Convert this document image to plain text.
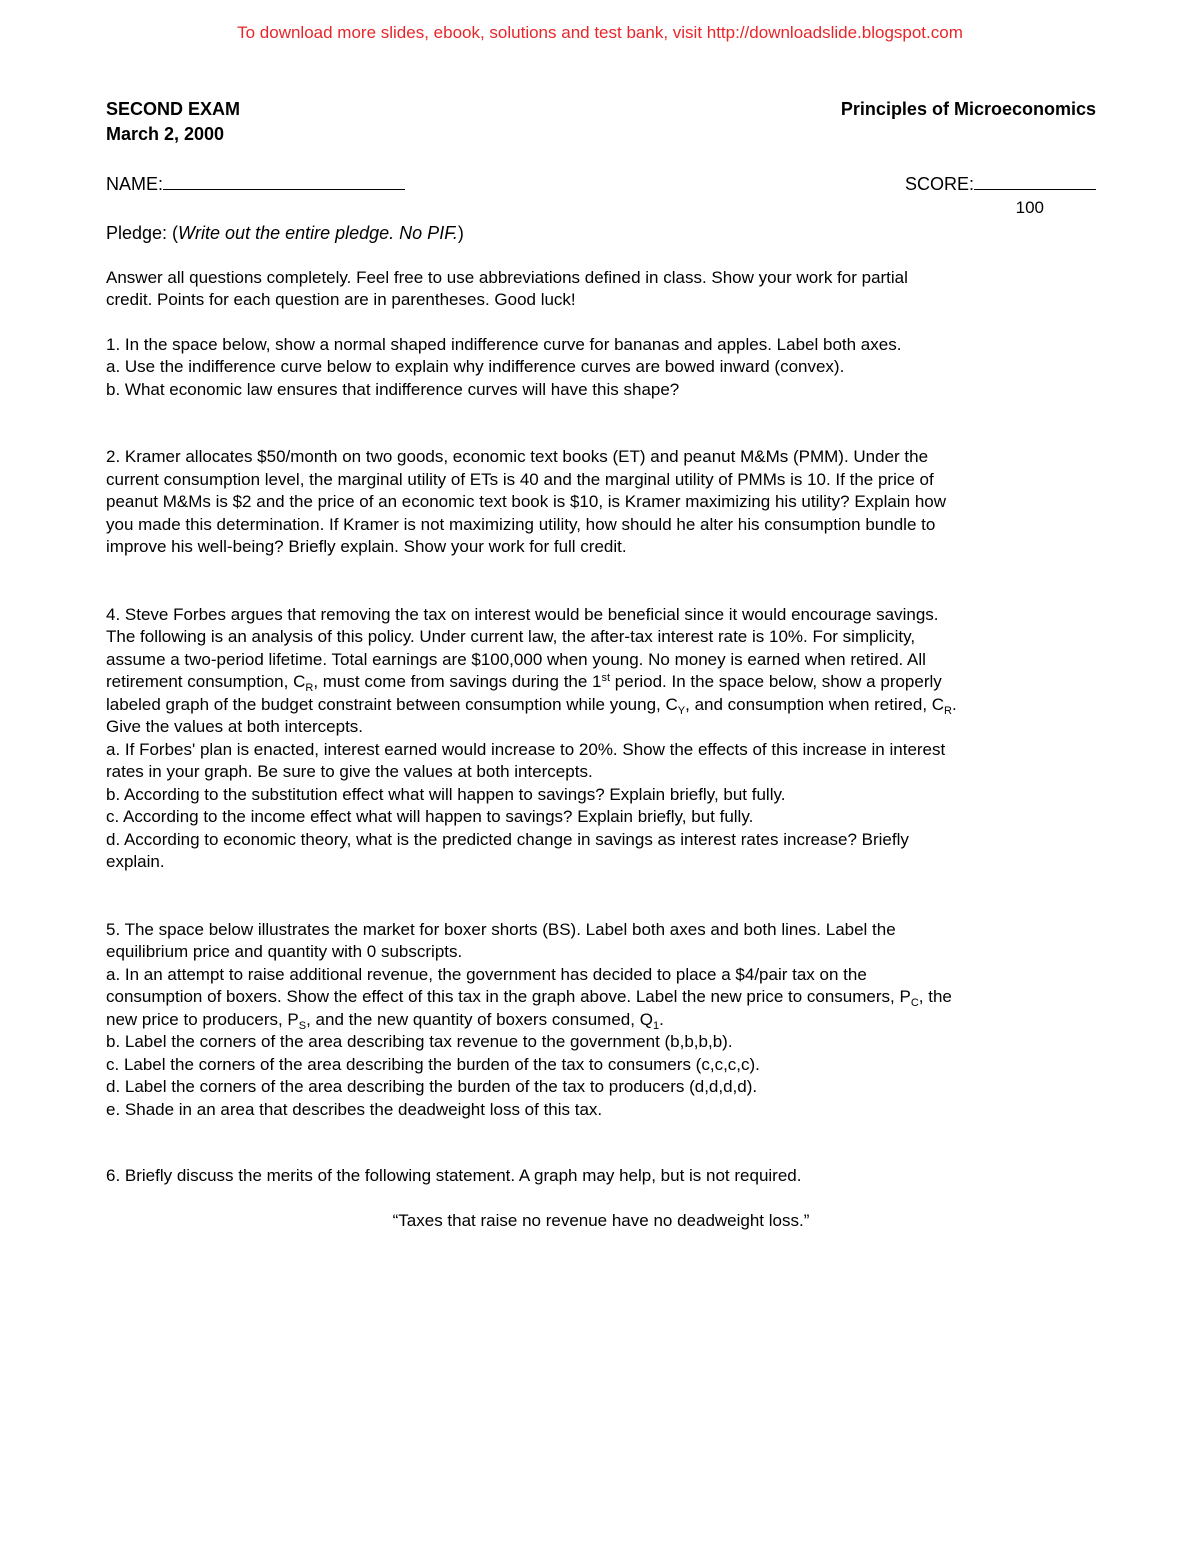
To download more slides, ebook, solutions and test bank, visit http://downloadslide.blogspot.com
SECOND EXAM	Principles of Microeconomics
March 2, 2000
NAME:	SCORE:
100
Pledge: (Write out the entire pledge. No PIF.)

Answer all questions completely. Feel free to use abbreviations defined in class. Show your work for partial

credit. Points for each question are in parentheses. Good luck!

1. In the space below, show a normal shaped indifference curve for bananas and apples. Label both axes.

a. Use the indifference curve below to explain why indifference curves are bowed inward (convex).

b. What economic law ensures that indifference curves will have this shape?

2. Kramer allocates $50/month on two goods, economic text books (ET) and peanut M&Ms (PMM). Under the

current consumption level, the marginal utility of ETs is 40 and the marginal utility of PMMs is 10. If the price of

peanut M&Ms is $2 and the price of an economic text book is $10, is Kramer maximizing his utility? Explain how

you made this determination. If Kramer is not maximizing utility, how should he alter his consumption bundle to

improve his well-being? Briefly explain. Show your work for full credit.

4. Steve Forbes argues that removing the tax on interest would be beneficial since it would encourage savings.

The following is an analysis of this policy. Under current law, the after-tax interest rate is 10%. For simplicity,

assume a two-period lifetime. Total earnings are $100,000 when young. No money is earned when retired. All

retirement consumption, $C_R$, must come from savings during the 1st period. In the space below, show a properly

labeled graph of the budget constraint between consumption while young, $C_Y$, and consumption when retired, $C_R$.

Give the values at both intercepts.

a. If Forbes' plan is enacted, interest earned would increase to 20%. Show the effects of this increase in interest

rates in your graph. Be sure to give the values at both intercepts.

b. According to the substitution effect what will happen to savings? Explain briefly, but fully.

c. According to the income effect what will happen to savings? Explain briefly, but fully.

d. According to economic theory, what is the predicted change in savings as interest rates increase? Briefly

explain.

5. The space below illustrates the market for boxer shorts (BS). Label both axes and both lines. Label the

equilibrium price and quantity with 0 subscripts.

a. In an attempt to raise additional revenue, the government has decided to place a $4/pair tax on the

consumption of boxers. Show the effect of this tax in the graph above. Label the new price to consumers, $P_C$, the

new price to producers, $P_S$, and the new quantity of boxers consumed, $Q_1$.

b. Label the corners of the area describing tax revenue to the government (b,b,b,b).

c. Label the corners of the area describing the burden of the tax to consumers (c,c,c,c).

d. Label the corners of the area describing the burden of the tax to producers (d,d,d,d).

e. Shade in an area that describes the deadweight loss of this tax.

6. Briefly discuss the merits of the following statement. A graph may help, but is not required.

“Taxes that raise no revenue have no deadweight loss.”
